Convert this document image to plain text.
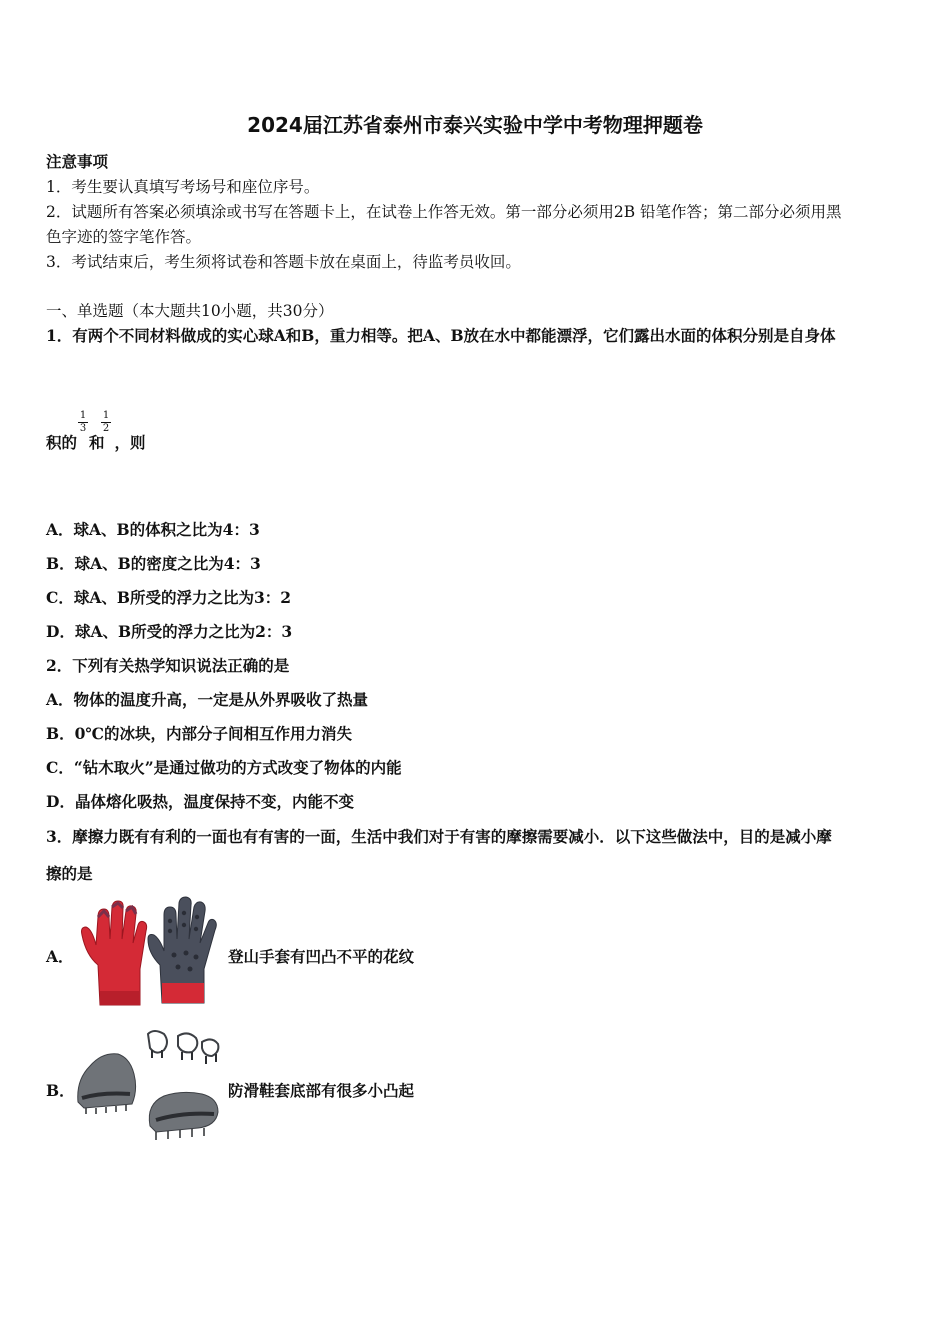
2024届江苏省泰州市泰兴实验中学中考物理押题卷
注意事项
1．考生要认真填写考场号和座位序号。
2．试题所有答案必须填涂或书写在答题卡上，在试卷上作答无效。第一部分必须用2B 铅笔作答；第二部分必须用黑
色字迹的签字笔作答。
3．考试结束后，考生须将试卷和答题卡放在桌面上，待监考员收回。
一、单选题（本大题共10小题，共30分）
1．有两个不同材料做成的实心球A和B，重力相等。把A、B放在水中都能漂浮，它们露出水面的体积分别是自身体
积的 和 ，则
$\frac{1}{3} \frac{1}{2}$
A．球A、B的体积之比为4：3
B．球A、B的密度之比为4：3
C．球A、B所受的浮力之比为3：2
D．球A、B所受的浮力之比为2：3
2．下列有关热学知识说法正确的是
A．物体的温度升高，一定是从外界吸收了热量
B．0℃的冰块，内部分子间相互作用力消失
C．“钻木取火”是通过做功的方式改变了物体的内能
D．晶体熔化吸热，温度保持不变，内能不变
3．摩擦力既有有利的一面也有有害的一面，生活中我们对于有害的摩擦需要减小．以下这些做法中，目的是减小摩
擦的是
A．	登山手套有凹凸不平的花纹
B．	防滑鞋套底部有很多小凸起
